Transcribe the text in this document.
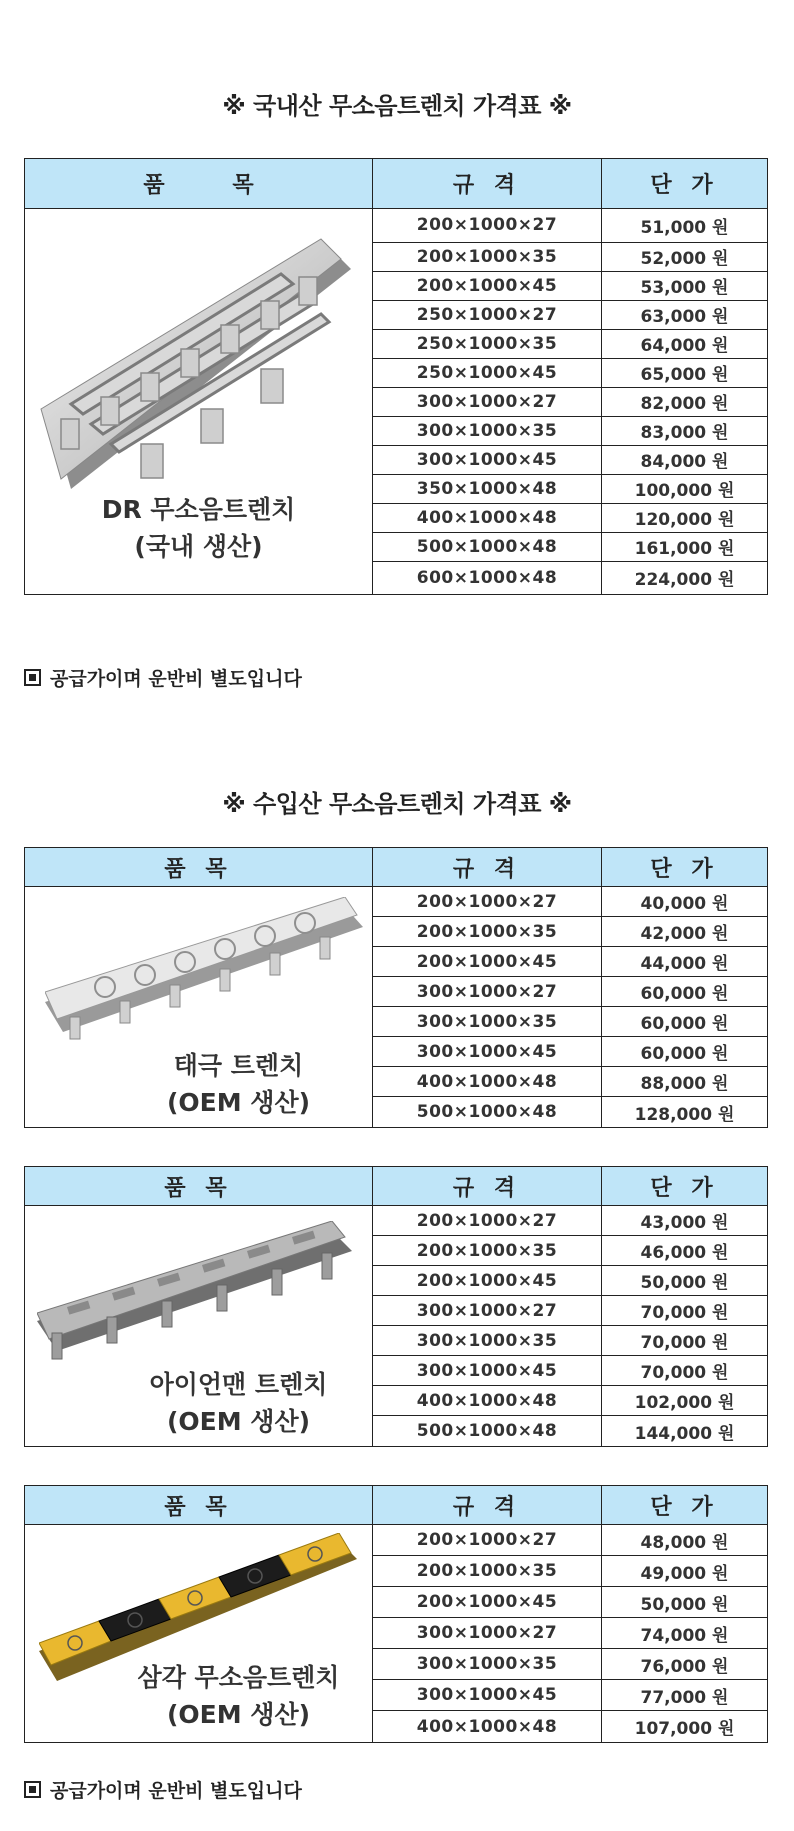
※ 국내산 무소음트렌치 가격표 ※
품 목	규 격	단 가

DR 무소음트렌치
(국내 생산)	200×1000×27	51,000 원
	200×1000×35	52,000 원
	200×1000×45	53,000 원
	250×1000×27	63,000 원
	250×1000×35	64,000 원
	250×1000×45	65,000 원
	300×1000×27	82,000 원
	300×1000×35	83,000 원
	300×1000×45	84,000 원
	350×1000×48	100,000 원
	400×1000×48	120,000 원
	500×1000×48	161,000 원
	600×1000×48	224,000 원
공급가이며 운반비 별도입니다
※ 수입산 무소음트렌치 가격표 ※
품 목	규 격	단 가

태극 트렌치
(OEM 생산)	200×1000×27	40,000 원
	200×1000×35	42,000 원
	200×1000×45	44,000 원
	300×1000×27	60,000 원
	300×1000×35	60,000 원
	300×1000×45	60,000 원
	400×1000×48	88,000 원
	500×1000×48	128,000 원
품 목	규 격	단 가

아이언맨 트렌치
(OEM 생산)	200×1000×27	43,000 원
	200×1000×35	46,000 원
	200×1000×45	50,000 원
	300×1000×27	70,000 원
	300×1000×35	70,000 원
	300×1000×45	70,000 원
	400×1000×48	102,000 원
	500×1000×48	144,000 원
품 목	규 격	단 가

삼각 무소음트렌치
(OEM 생산)	200×1000×27	48,000 원
	200×1000×35	49,000 원
	200×1000×45	50,000 원
	300×1000×27	74,000 원
	300×1000×35	76,000 원
	300×1000×45	77,000 원
	400×1000×48	107,000 원
공급가이며 운반비 별도입니다
